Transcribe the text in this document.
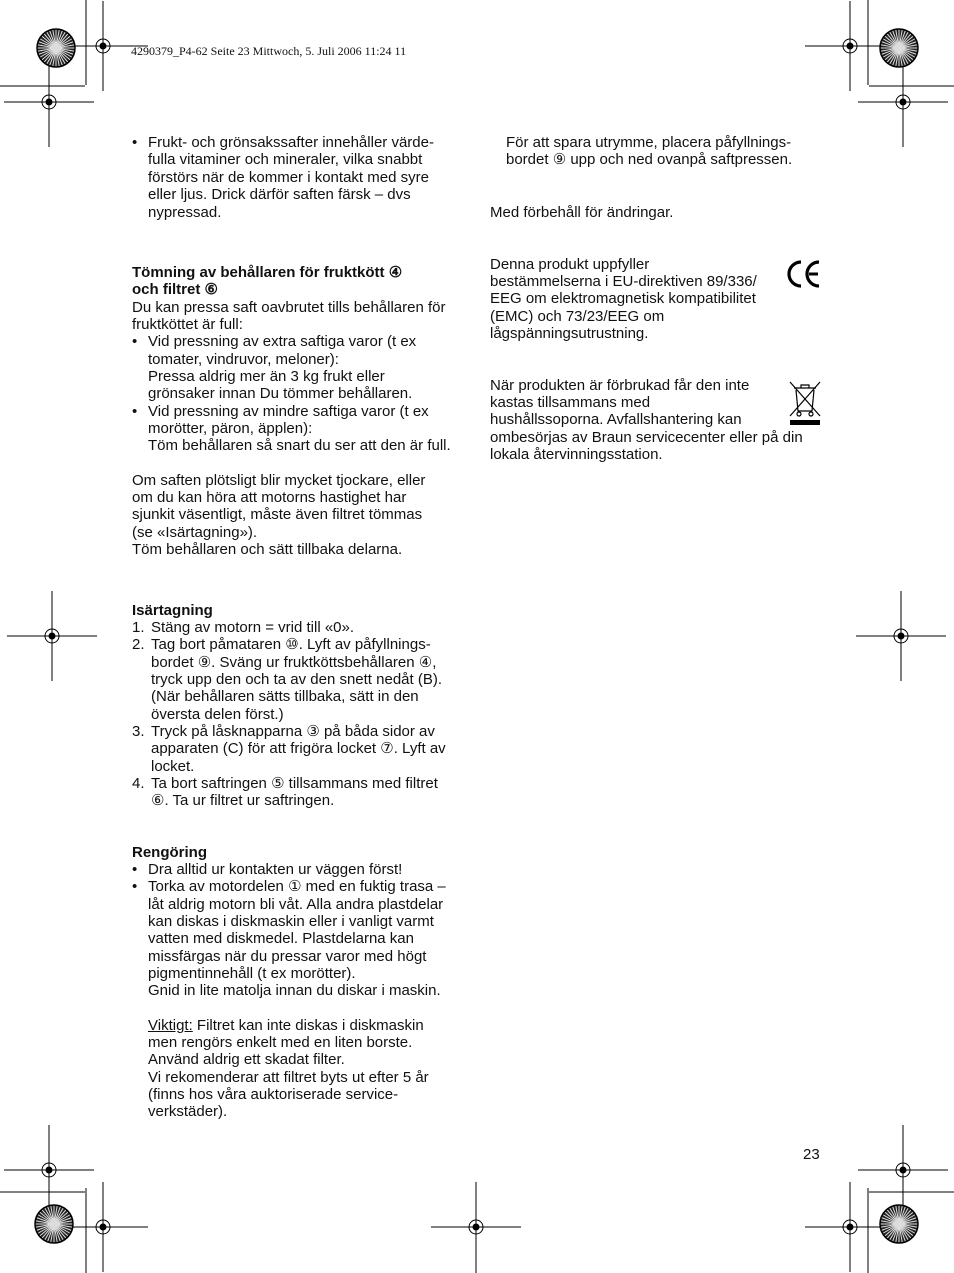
4290379_P4-62 Seite 23 Mittwoch, 5. Juli 2006 11:24 11
• Frukt- och grönsakssafter innehåller värde-
fulla vitaminer och mineraler, vilka snabbt
förstörs när de kommer i kontakt med syre
eller ljus. Drick därför saften färsk – dvs
nypressad.
Tömning av behållaren för fruktkött ④
och filtret ⑥
Du kan pressa saft oavbrutet tills behållaren för
fruktköttet är full:
• Vid pressning av extra saftiga varor (t ex
tomater, vindruvor, meloner):
Pressa aldrig mer än 3 kg frukt eller
grönsaker innan Du tömmer behållaren.
• Vid pressning av mindre saftiga varor (t ex
morötter, päron, äpplen):
Töm behållaren så snart du ser att den är full.
Om saften plötsligt blir mycket tjockare, eller
om du kan höra att motorns hastighet har
sjunkit väsentligt, måste även filtret tömmas
(se «Isärtagning»).
Töm behållaren och sätt tillbaka delarna.
Isärtagning
1. Stäng av motorn = vrid till «0».
2. Tag bort påmataren ⑩. Lyft av påfyllnings-
bordet ⑨. Sväng ur fruktköttsbehållaren ④,
tryck upp den och ta av den snett nedåt (B).
(När behållaren sätts tillbaka, sätt in den
översta delen först.)
3. Tryck på låsknapparna ③ på båda sidor av
apparaten (C) för att frigöra locket ⑦. Lyft av
locket.
4. Ta bort saftringen ⑤ tillsammans med filtret
⑥. Ta ur filtret ur saftringen.
Rengöring
• Dra alltid ur kontakten ur väggen först!
• Torka av motordelen ① med en fuktig trasa –
låt aldrig motorn bli våt. Alla andra plastdelar
kan diskas i diskmaskin eller i vanligt varmt
vatten med diskmedel. Plastdelarna kan
missfärgas när du pressar varor med högt
pigmentinnehåll (t ex morötter).
Gnid in lite matolja innan du diskar i maskin.
Viktigt: Filtret kan inte diskas i diskmaskin
men rengörs enkelt med en liten borste.
Använd aldrig ett skadat filter.
Vi rekomenderar att filtret byts ut efter 5 år
(finns hos våra auktoriserade service-
verkstäder).
För att spara utrymme, placera påfyllnings-
bordet ⑨ upp och ned ovanpå saftpressen.
Med förbehåll för ändringar.
Denna produkt uppfyller
bestämmelserna i EU-direktiven 89/336/
EEG om elektromagnetisk kompatibilitet
(EMC) och 73/23/EEG om
lågspänningsutrustning.
När produkten är förbrukad får den inte
kastas tillsammans med
hushållssoporna. Avfallshantering kan
ombesörjas av Braun servicecenter eller på din
lokala återvinningsstation.
23
